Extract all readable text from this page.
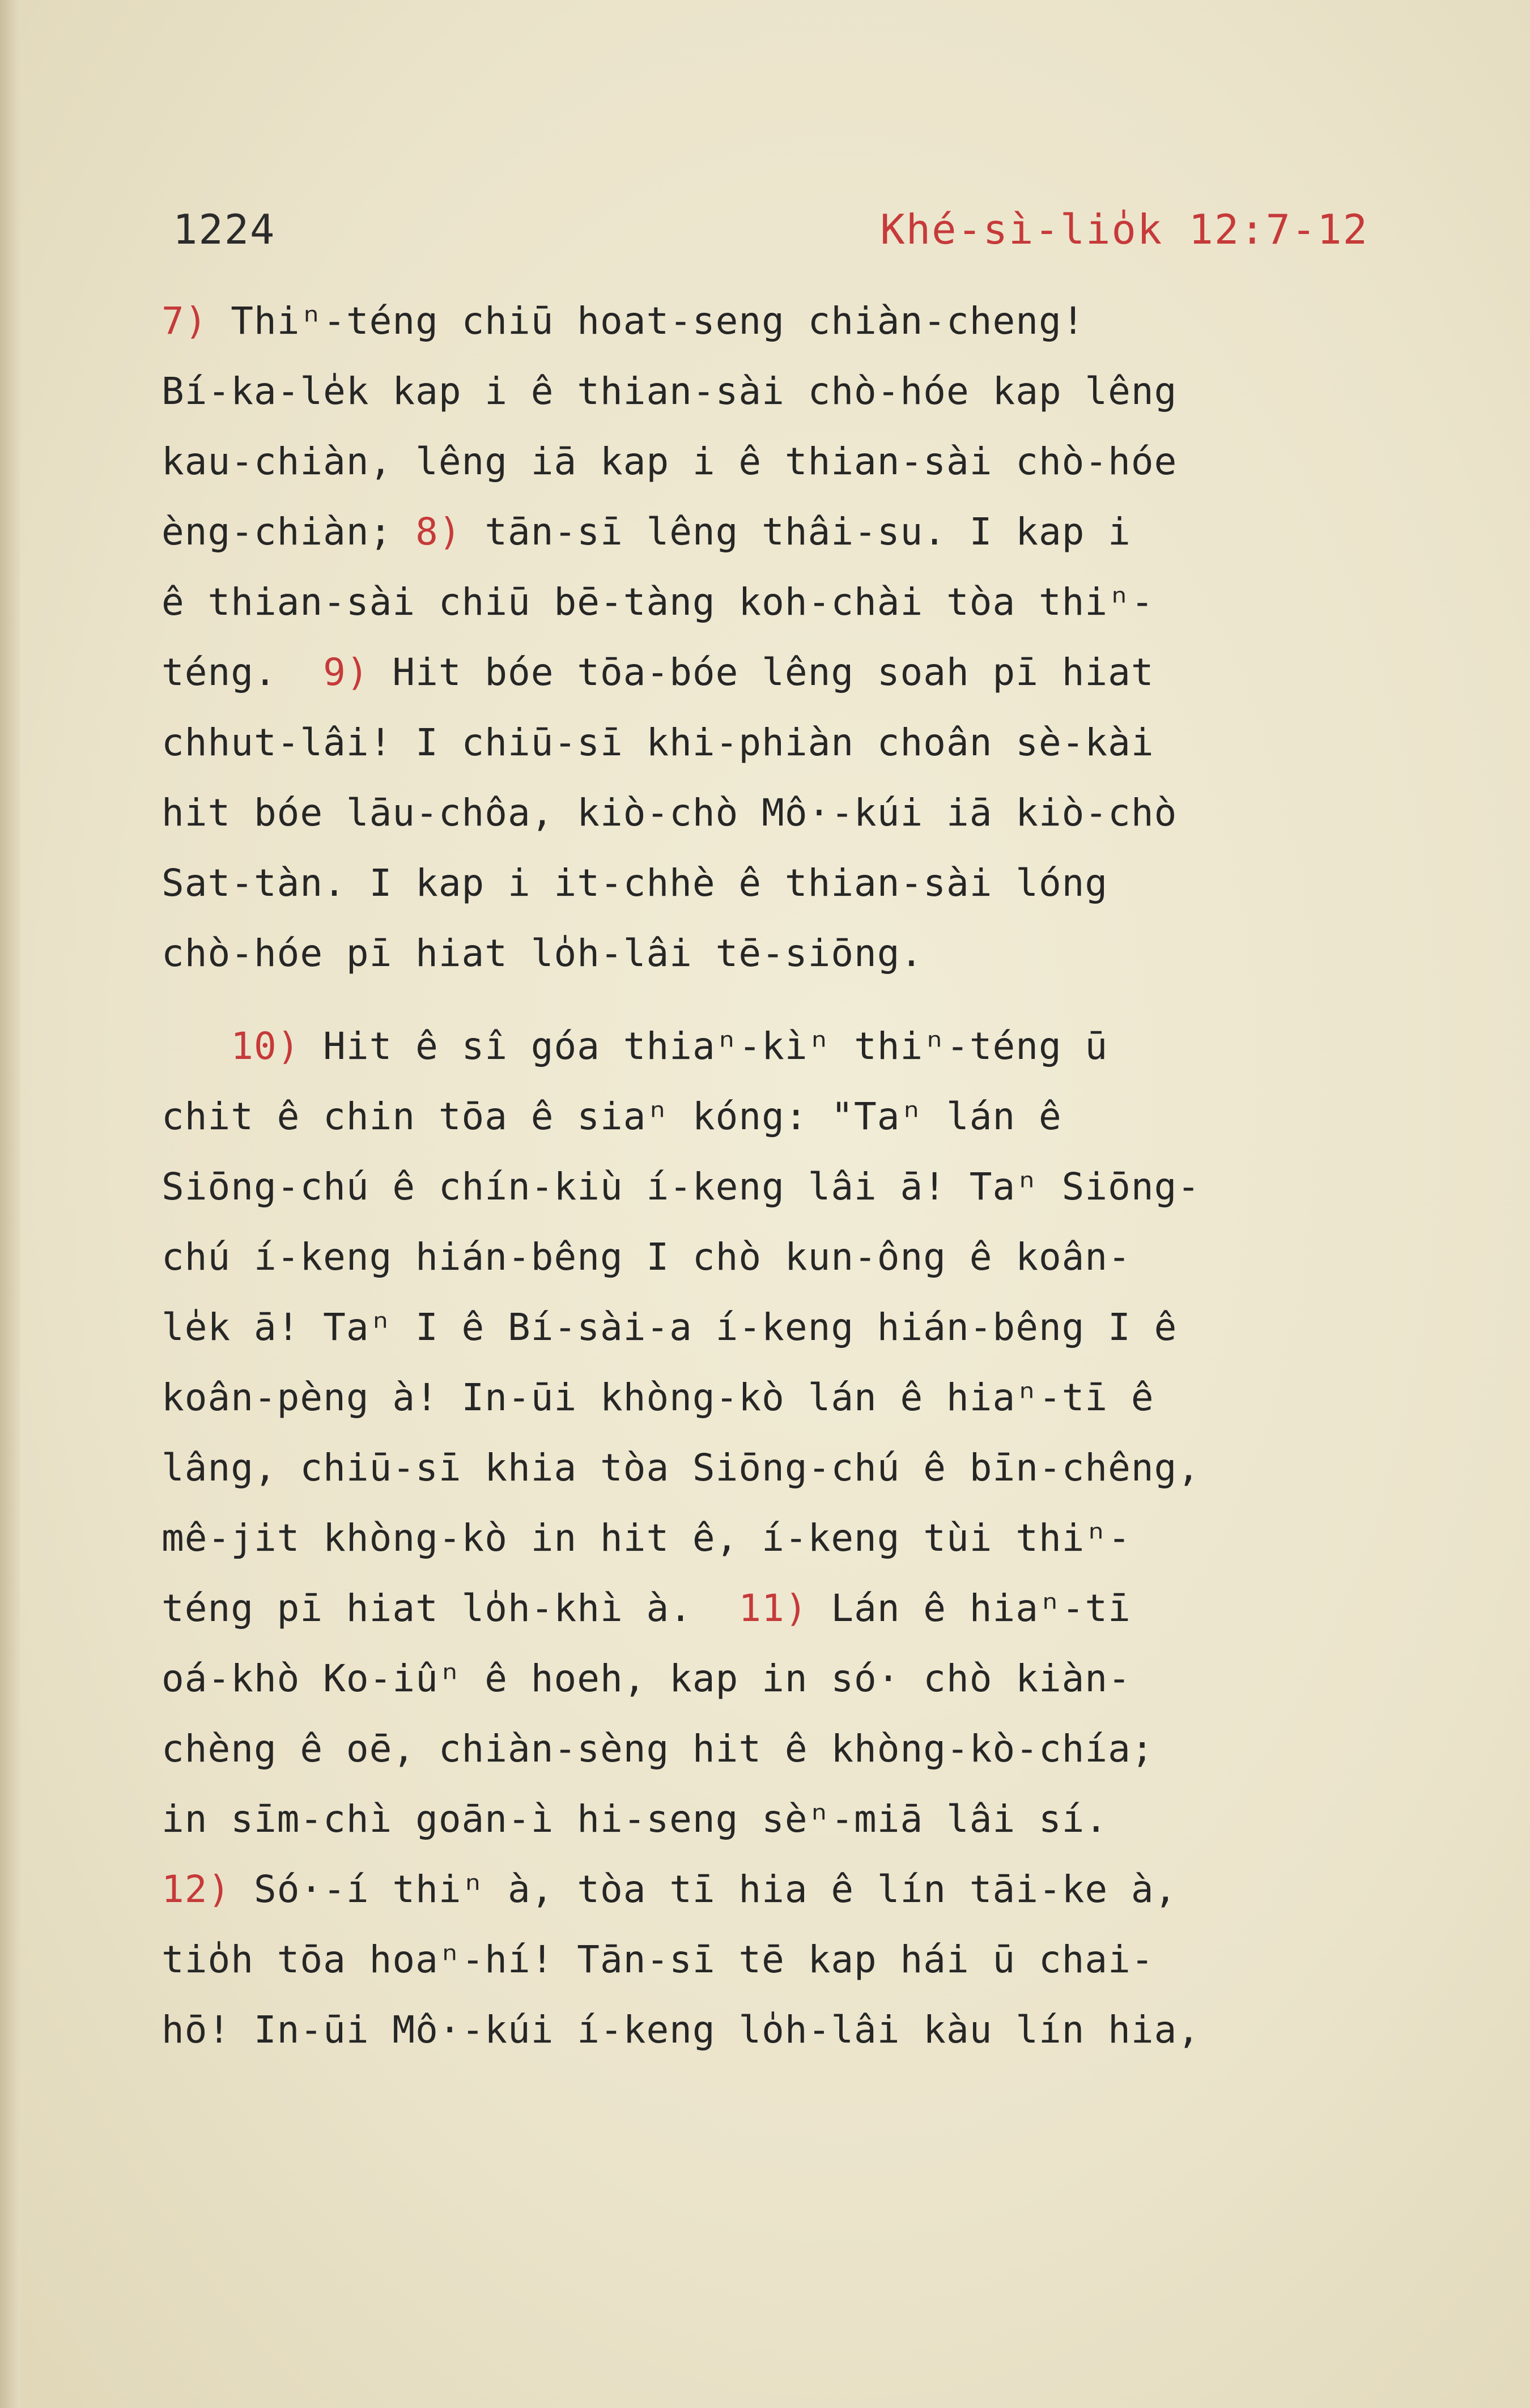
1224	Khé-sì-lio̍k 12:7-12
7) Thiⁿ-téng chiū hoat-seng chiàn-cheng!
Bí-ka-le̍k kap i ê thian-sài chò-hóe kap lêng
kau-chiàn, lêng iā kap i ê thian-sài chò-hóe
èng-chiàn; 8) tān-sī lêng thâi-su. I kap i
ê thian-sài chiū bē-tàng koh-chài tòa thiⁿ-
téng.  9) Hit bóe tōa-bóe lêng soah pī hiat
chhut-lâi! I chiū-sī khi-phiàn choân sè-kài
hit bóe lāu-chôa, kiò-chò Mô·-kúi iā kiò-chò
Sat-tàn. I kap i it-chhè ê thian-sài lóng
chò-hóe pī hiat lo̍h-lâi tē-siōng.
10) Hit ê sî góa thiaⁿ-kìⁿ thiⁿ-téng ū
chit ê chin tōa ê siaⁿ kóng: "Taⁿ lán ê
Siōng-chú ê chín-kiù í-keng lâi ā! Taⁿ Siōng-
chú í-keng hián-bêng I chò kun-ông ê koân-
le̍k ā! Taⁿ I ê Bí-sài-a í-keng hián-bêng I ê
koân-pèng à! In-ūi khòng-kò lán ê hiaⁿ-tī ê
lâng, chiū-sī khia tòa Siōng-chú ê bīn-chêng,
mê-jit khòng-kò in hit ê, í-keng tùi thiⁿ-
téng pī hiat lo̍h-khì à.  11) Lán ê hiaⁿ-tī
oá-khò Ko-iûⁿ ê hoeh, kap in só· chò kiàn-
chèng ê oē, chiàn-sèng hit ê khòng-kò-chía;
in sīm-chì goān-ì hi-seng sèⁿ-miā lâi sí.
12) Só·-í thiⁿ à, tòa tī hia ê lín tāi-ke à,
tio̍h tōa hoaⁿ-hí! Tān-sī tē kap hái ū chai-
hō! In-ūi Mô·-kúi í-keng lo̍h-lâi kàu lín hia,
